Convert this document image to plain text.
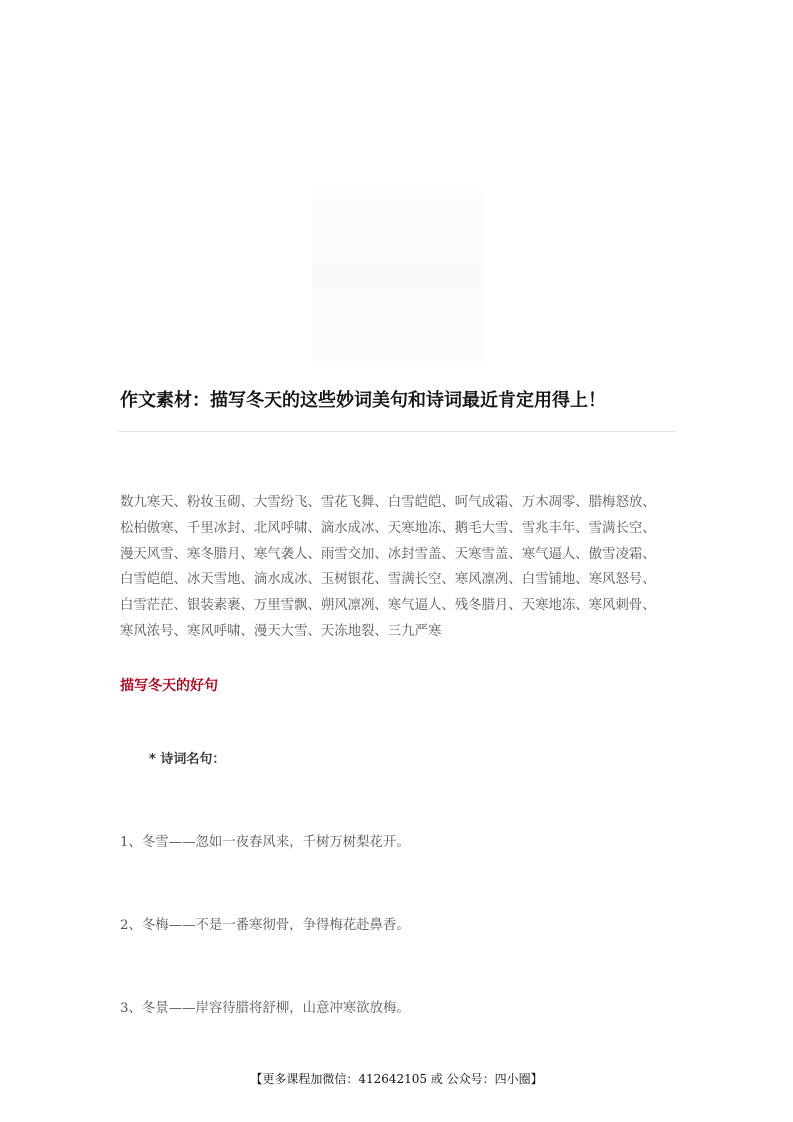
作文素材：描写冬天的这些妙词美句和诗词最近肯定用得上！
数九寒天、粉妆玉砌、大雪纷飞、雪花飞舞、白雪皑皑、呵气成霜、万木凋零、腊梅怒放、
松柏傲寒、千里冰封、北风呼啸、滴水成冰、天寒地冻、鹅毛大雪、雪兆丰年、雪满长空、
漫天风雪、寒冬腊月、寒气袭人、雨雪交加、冰封雪盖、天寒雪盖、寒气逼人、傲雪凌霜、
白雪皑皑、冰天雪地、滴水成冰、玉树银花、雪满长空、寒风凛冽、白雪铺地、寒风怒号、
白雪茫茫、银装素裹、万里雪飘、朔风凛冽、寒气逼人、残冬腊月、天寒地冻、寒风刺骨、
寒风浓号、寒风呼啸、漫天大雪、天冻地裂、三九严寒
描写冬天的好句
* 诗词名句：
1、冬雪——忽如一夜春风来，千树万树梨花开。
2、冬梅——不是一番寒彻骨，争得梅花赴鼻香。
3、冬景——岸容待腊将舒柳，山意冲寒欲放梅。
【更多课程加微信：412642105 或 公众号：四小圈】
